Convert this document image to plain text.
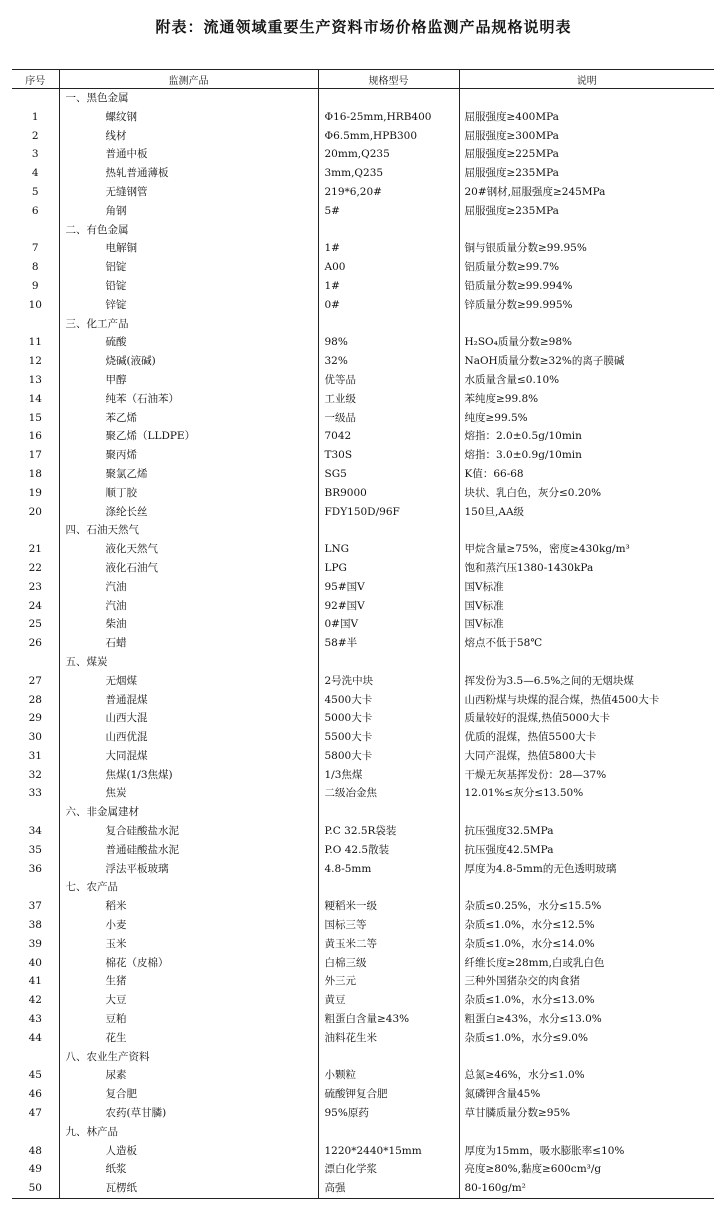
附表：流通领域重要生产资料市场价格监测产品规格说明表
序号	监测产品	规格型号	说明
	一、黑色金属		
1	螺纹钢	Φ16-25mm,HRB400	屈服强度≥400MPa
2	线材	Φ6.5mm,HPB300	屈服强度≥300MPa
3	普通中板	20mm,Q235	屈服强度≥225MPa
4	热轧普通薄板	3mm,Q235	屈服强度≥235MPa
5	无缝钢管	219*6,20#	20#钢材,屈服强度≥245MPa
6	角钢	5#	屈服强度≥235MPa
	二、有色金属		
7	电解铜	1#	铜与银质量分数≥99.95%
8	铝锭	A00	铝质量分数≥99.7%
9	铅锭	1#	铅质量分数≥99.994%
10	锌锭	0#	锌质量分数≥99.995%
	三、化工产品		
11	硫酸	98%	H₂SO₄质量分数≥98%
12	烧碱(液碱)	32%	NaOH质量分数≥32%的离子膜碱
13	甲醇	优等品	水质量含量≤0.10%
14	纯苯（石油苯）	工业级	苯纯度≥99.8%
15	苯乙烯	一级品	纯度≥99.5%
16	聚乙烯（LLDPE）	7042	熔指：2.0±0.5g/10min
17	聚丙烯	T30S	熔指：3.0±0.9g/10min
18	聚氯乙烯	SG5	K值：66-68
19	顺丁胶	BR9000	块状、乳白色，灰分≤0.20%
20	涤纶长丝	FDY150D/96F	150旦,AA级
	四、石油天然气		
21	液化天然气	LNG	甲烷含量≥75%，密度≥430kg/m³
22	液化石油气	LPG	饱和蒸汽压1380-1430kPa
23	汽油	95#国Ⅴ	国Ⅴ标准
24	汽油	92#国Ⅴ	国Ⅴ标准
25	柴油	0#国Ⅴ	国Ⅴ标准
26	石蜡	58#半	熔点不低于58℃
	五、煤炭		
27	无烟煤	2号洗中块	挥发份为3.5—6.5%之间的无烟块煤
28	普通混煤	4500大卡	山西粉煤与块煤的混合煤，热值4500大卡
29	山西大混	5000大卡	质量较好的混煤,热值5000大卡
30	山西优混	5500大卡	优质的混煤，热值5500大卡
31	大同混煤	5800大卡	大同产混煤，热值5800大卡
32	焦煤(1/3焦煤)	1/3焦煤	干燥无灰基挥发份：28—37%
33	焦炭	二级冶金焦	12.01%≤灰分≤13.50%
	六、非金属建材		
34	复合硅酸盐水泥	P.C 32.5R袋装	抗压强度32.5MPa
35	普通硅酸盐水泥	P.O 42.5散装	抗压强度42.5MPa
36	浮法平板玻璃	4.8-5mm	厚度为4.8-5mm的无色透明玻璃
	七、农产品		
37	稻米	粳稻米一级	杂质≤0.25%，水分≤15.5%
38	小麦	国标三等	杂质≤1.0%，水分≤12.5%
39	玉米	黄玉米二等	杂质≤1.0%，水分≤14.0%
40	棉花（皮棉）	白棉三级	纤维长度≥28mm,白或乳白色
41	生猪	外三元	三种外国猪杂交的肉食猪
42	大豆	黄豆	杂质≤1.0%，水分≤13.0%
43	豆粕	粗蛋白含量≥43%	粗蛋白≥43%，水分≤13.0%
44	花生	油料花生米	杂质≤1.0%，水分≤9.0%
	八、农业生产资料		
45	尿素	小颗粒	总氮≥46%，水分≤1.0%
46	复合肥	硫酸钾复合肥	氮磷钾含量45%
47	农药(草甘膦)	95%原药	草甘膦质量分数≥95%
	九、林产品		
48	人造板	1220*2440*15mm	厚度为15mm，吸水膨胀率≤10%
49	纸浆	漂白化学浆	亮度≥80%,黏度≥600cm³/g
50	瓦楞纸	高强	80-160g/m²
